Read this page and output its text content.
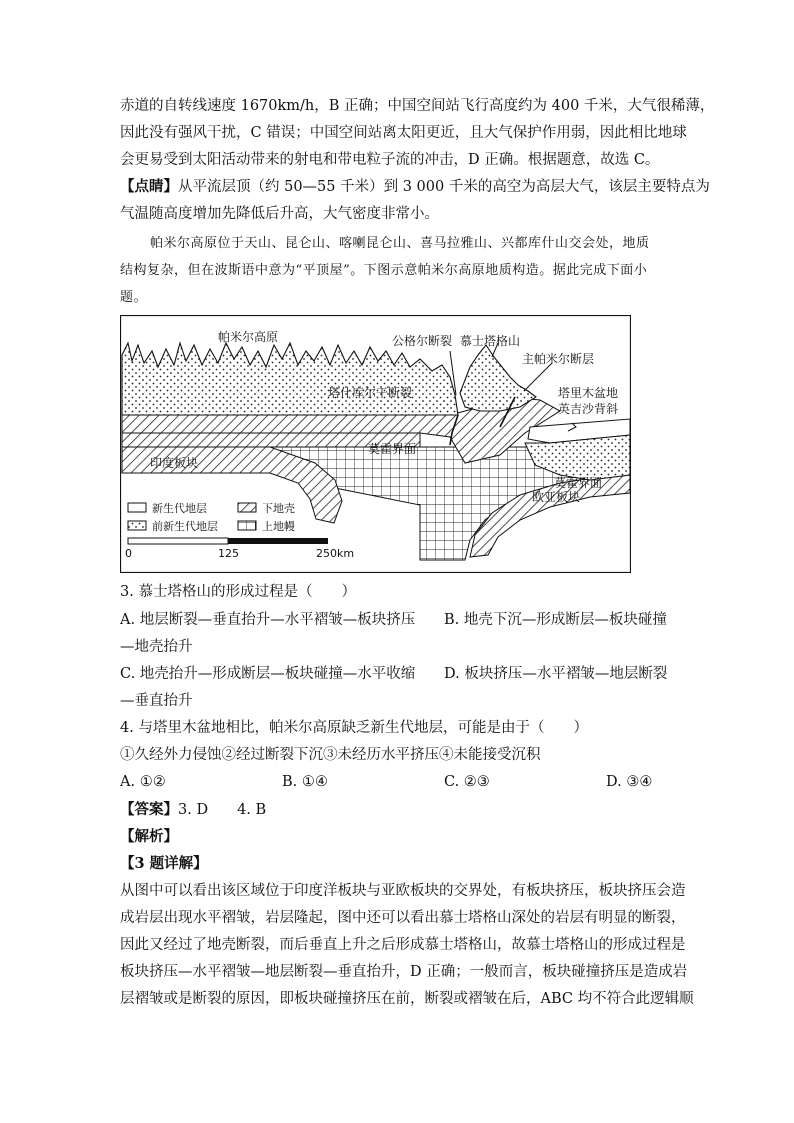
赤道的自转线速度 1670km/h，B 正确；中国空间站飞行高度约为 400 千米，大气很稀薄，
因此没有强风干扰，C 错误；中国空间站离太阳更近，且大气保护作用弱，因此相比地球
会更易受到太阳活动带来的射电和带电粒子流的冲击，D 正确。根据题意，故选 C。
【点睛】从平流层顶（约 50—55 千米）到 3 000 千米的高空为高层大气，该层主要特点为
气温随高度增加先降低后升高，大气密度非常小。
帕米尔高原位于天山、昆仑山、喀喇昆仑山、喜马拉雅山、兴都库什山交会处，地质
结构复杂，但在波斯语中意为“平顶屋”。下图示意帕米尔高原地质构造。据此完成下面小
题。
帕米尔高原	公格尔断裂 慕士塔格山
主帕米尔断层
塔什库尔干断裂	塔里木盆地
英吉沙背斜
莫霍界面
印度板块
莫霍界面
欧亚板块
新生代地层	下地壳
前新生代地层	上地幔
0	125	250km
3. 慕士塔格山的形成过程是（　　）
A. 地层断裂—垂直抬升—水平褶皱—板块挤压 B. 地壳下沉—形成断层—板块碰撞
—地壳抬升
C. 地壳抬升—形成断层—板块碰撞—水平收缩 D. 板块挤压—水平褶皱—地层断裂
—垂直抬升
4. 与塔里木盆地相比，帕米尔高原缺乏新生代地层，可能是由于（　　）
①久经外力侵蚀②经过断裂下沉③未经历水平挤压④未能接受沉积
A. ①②	B. ①④	C. ②③	D. ③④
【答案】3. D　　4. B
【解析】
【3 题详解】
从图中可以看出该区域位于印度洋板块与亚欧板块的交界处，有板块挤压，板块挤压会造
成岩层出现水平褶皱，岩层隆起，图中还可以看出慕士塔格山深处的岩层有明显的断裂，
因此又经过了地壳断裂，而后垂直上升之后形成慕士塔格山，故慕士塔格山的形成过程是
板块挤压—水平褶皱—地层断裂—垂直抬升，D 正确；一般而言，板块碰撞挤压是造成岩
层褶皱或是断裂的原因，即板块碰撞挤压在前，断裂或褶皱在后，ABC 均不符合此逻辑顺
